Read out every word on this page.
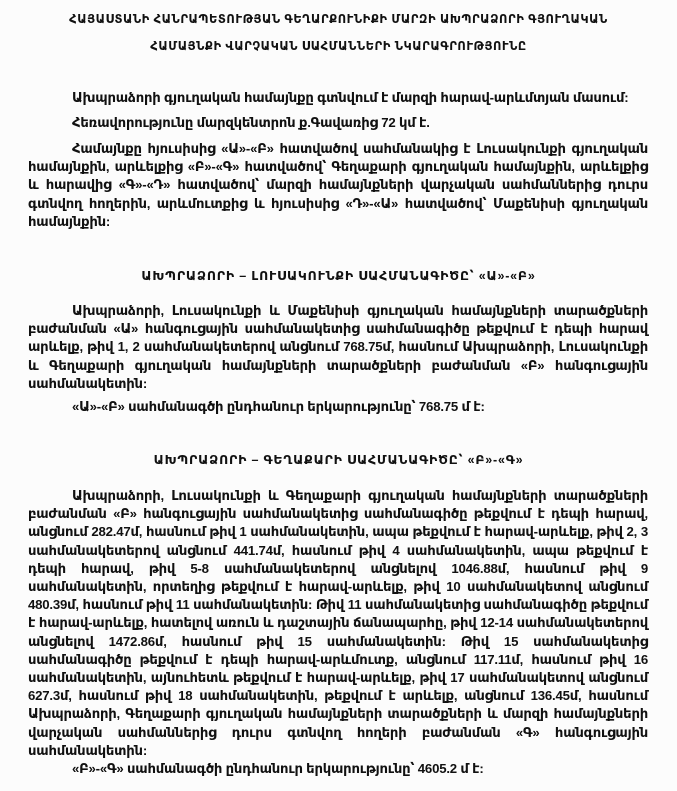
ՀԱՅԱՍՏԱՆԻ ՀԱՆՐԱՊԵՏՈՒԹՅԱՆ ԳԵՂԱՐՔՈՒՆԻՔԻ ՄԱՐԶԻ ԱԽՊՐԱՁՈՐԻ ԳՅՈՒՂԱԿԱՆ
ՀԱՄԱՅՆՔԻ ՎԱՐՉԱԿԱՆ ՍԱՀՄԱՆՆԵՐԻ ՆԿԱՐԱԳՐՈՒԹՅՈՒՆԸ
Ախպրաձորի գյուղական համայնքը գտնվում է մարզի հարավ-արևմտյան մասում:
Հեռավորությունը մարզկենտրոն ք.Գավառից 72 կմ է.
Համայնքը հյուսիսից «Ա»-«Բ» հատվածով սահմանակից է Լուսակունքի գյուղական համայնքին, արևելքից «Բ»-«Գ» հատվածով՝ Գեղաքարի գյուղական համայնքին, արևելքից և հարավից «Գ»-«Դ» հատվածով՝ մարզի համայնքների վարչական սահմաններից դուրս գտնվող հողերին, արևմուտքից և հյուսիսից «Դ»-«Ա» հատվածով՝ Մաքենիսի գյուղական համայնքին:
ԱԽՊՐԱՁՈՐԻ – ԼՈՒՍԱԿՈՒՆՔԻ ՍԱՀՄԱՆԱԳԻԾԸ՝ «Ա»-«Բ»
Ախպրաձորի, Լուսակունքի և Մաքենիսի գյուղական համայնքների տարածքների բաժանման «Ա» հանգուցային սահմանակետից սահմանագիծը թեքվում է դեպի հարավ արևելք, թիվ 1, 2 սահմանակետերով անցնում 768.75մ, հասնում Ախպրաձորի, Լուսակունքի և Գեղաքարի գյուղական համայնքների տարածքների բաժանման «Բ» հանգուցային սահմանակետին:
«Ա»-«Բ» սահմանագծի ընդհանուր երկարությունը՝ 768.75 մ է:
ԱԽՊՐԱՁՈՐԻ – ԳԵՂԱՔԱՐԻ ՍԱՀՄԱՆԱԳԻԾԸ՝ «Բ»-«Գ»
Ախպրաձորի, Լուսակունքի և Գեղաքարի գյուղական համայնքների տարածքների բաժանման «Բ» հանգուցային սահմանակետից սահմանագիծը թեքվում է դեպի հարավ, անցնում 282.47մ, հասնում թիվ 1 սահմանակետին, ապա թեքվում է հարավ-արևելք, թիվ 2, 3 սահմանակետերով անցնում 441.74մ, հասնում թիվ 4 սահմանակետին, ապա թեքվում է դեպի հարավ, թիվ 5-8 սահմանակետերով անցնելով 1046.88մ, հասնում թիվ 9 սահմանակետին, որտեղից թեքվում է հարավ-արևելք, թիվ 10 սահմանակետով անցնում 480.39մ, հասնում թիվ 11 սահմանակետին: Թիվ 11 սահմանակետից սահմանագիծը թեքվում է հարավ-արևելք, հատելով առուն և դաշտային ճանապարհը, թիվ 12-14 սահմանակետերով անցնելով 1472.86մ, հասնում թիվ 15 սահմանակետին: Թիվ 15 սահմանակետից սահմանագիծը թեքվում է դեպի հարավ-արևմուտք, անցնում 117.11մ, հասնում թիվ 16 սահմանակետին, այնուհետև թեքվում է հարավ-արևելք, թիվ 17 սահմանակետով անցնում 627.3մ, հասնում թիվ 18 սահմանակետին, թեքվում է արևելք, անցնում 136.45մ, հասնում Ախպրաձորի, Գեղաքարի գյուղական համայնքների տարածքների և մարզի համայնքների վարչական սահմաններից դուրս գտնվող հողերի բաժանման «Գ» հանգուցային սահմանակետին:
«Բ»-«Գ» սահմանագծի ընդհանուր երկարությունը՝ 4605.2 մ է:
